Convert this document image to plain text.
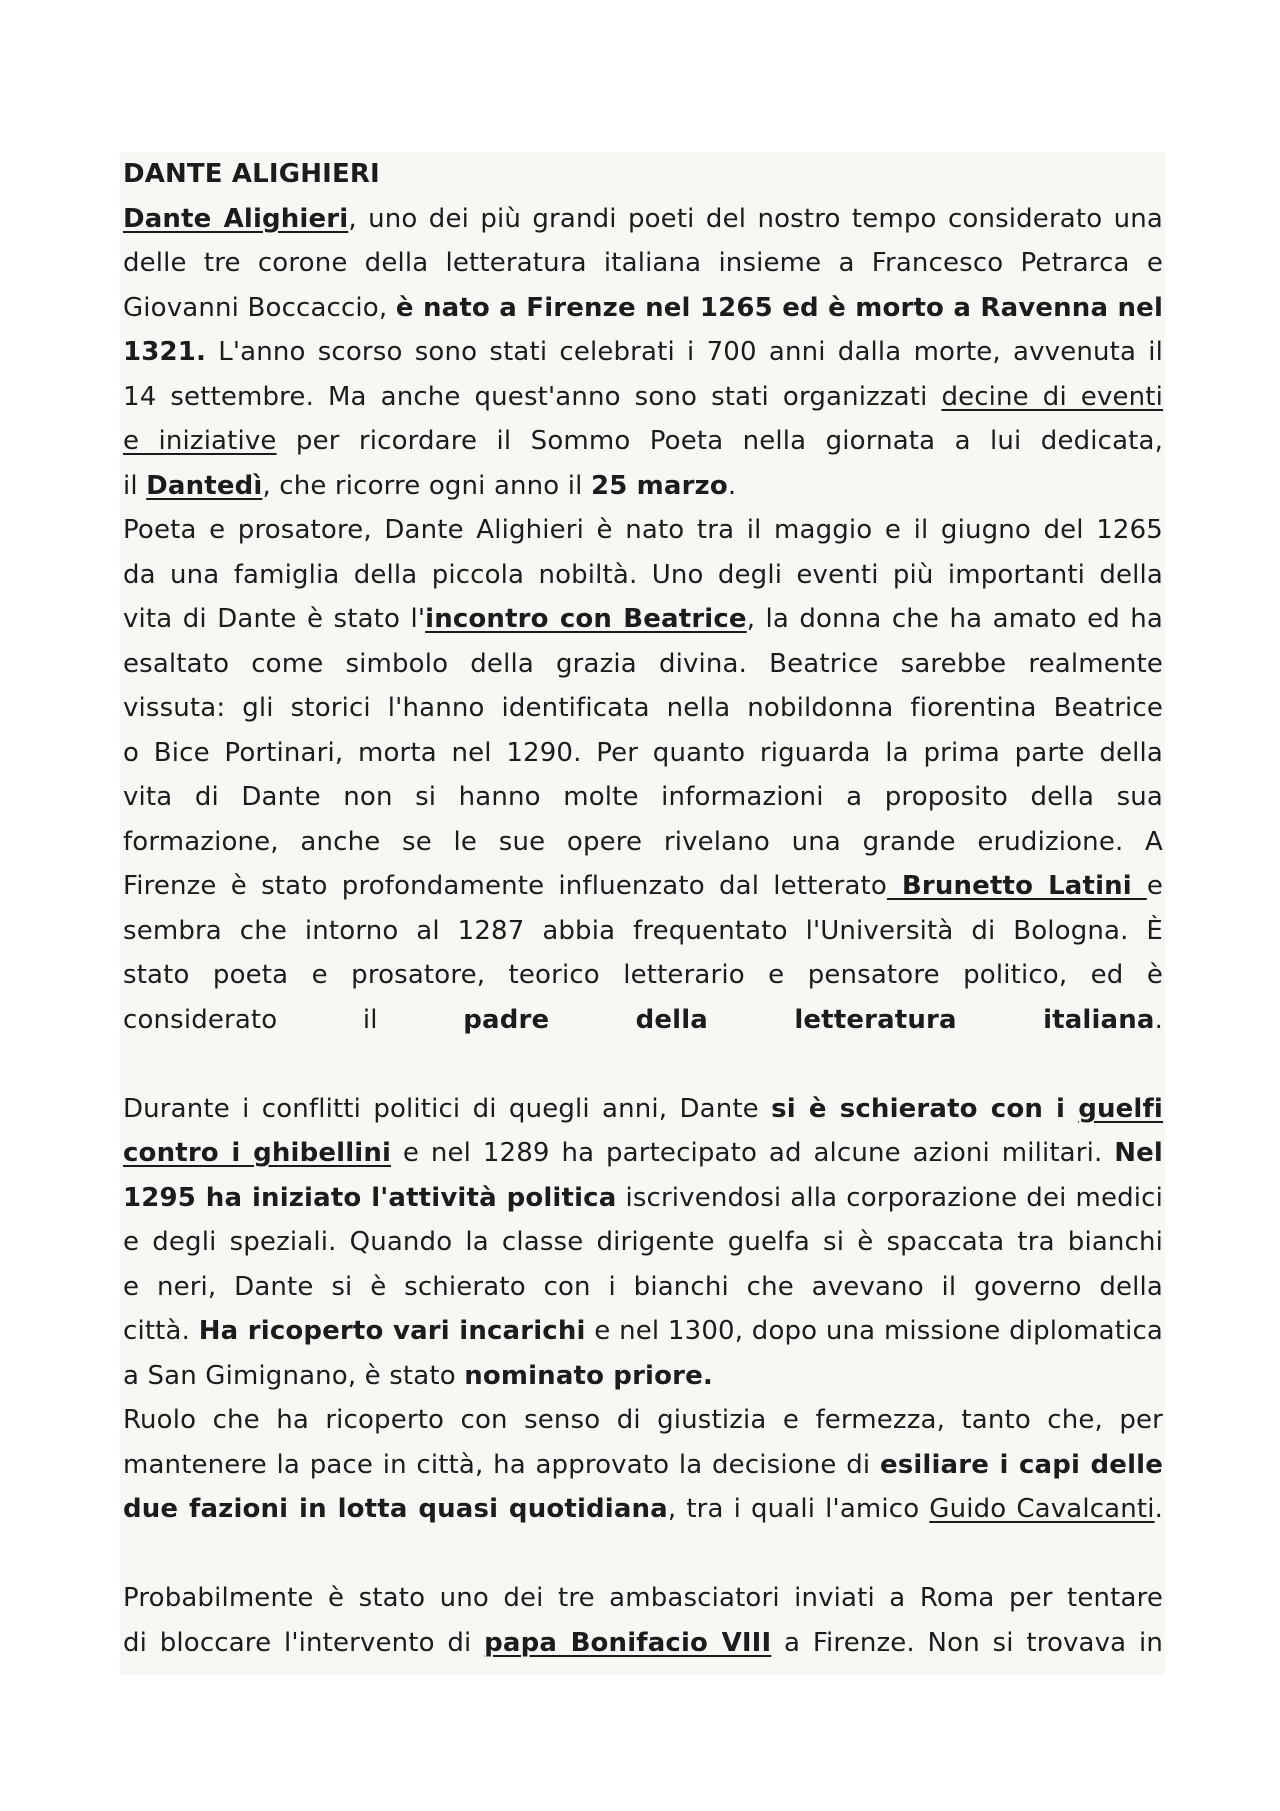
DANTE ALIGHIERI
Dante Alighieri, uno dei più grandi poeti del nostro tempo considerato una
delle tre corone della letteratura italiana insieme a Francesco Petrarca e
Giovanni Boccaccio, è nato a Firenze nel 1265 ed è morto a Ravenna nel
1321. L'anno scorso sono stati celebrati i 700 anni dalla morte, avvenuta il
14 settembre. Ma anche quest'anno sono stati organizzati decine di eventi
e iniziative per ricordare il Sommo Poeta nella giornata a lui dedicata,
il Dantedì, che ricorre ogni anno il 25 marzo.
Poeta e prosatore, Dante Alighieri è nato tra il maggio e il giugno del 1265
da una famiglia della piccola nobiltà. Uno degli eventi più importanti della
vita di Dante è stato l'incontro con Beatrice, la donna che ha amato ed ha
esaltato come simbolo della grazia divina. Beatrice sarebbe realmente
vissuta: gli storici l'hanno identificata nella nobildonna fiorentina Beatrice
o Bice Portinari, morta nel 1290. Per quanto riguarda la prima parte della
vita di Dante non si hanno molte informazioni a proposito della sua
formazione, anche se le sue opere rivelano una grande erudizione. A
Firenze è stato profondamente influenzato dal letterato Brunetto Latini e
sembra che intorno al 1287 abbia frequentato l'Università di Bologna. È
stato poeta e prosatore, teorico letterario e pensatore politico, ed è
considerato il padre della letteratura italiana.
Durante i conflitti politici di quegli anni, Dante si è schierato con i guelfi
contro i ghibellini e nel 1289 ha partecipato ad alcune azioni militari. Nel
1295 ha iniziato l'attività politica iscrivendosi alla corporazione dei medici
e degli speziali. Quando la classe dirigente guelfa si è spaccata tra bianchi
e neri, Dante si è schierato con i bianchi che avevano il governo della
città. Ha ricoperto vari incarichi e nel 1300, dopo una missione diplomatica
a San Gimignano, è stato nominato priore.
Ruolo che ha ricoperto con senso di giustizia e fermezza, tanto che, per
mantenere la pace in città, ha approvato la decisione di esiliare i capi delle
due fazioni in lotta quasi quotidiana, tra i quali l'amico Guido Cavalcanti.
Probabilmente è stato uno dei tre ambasciatori inviati a Roma per tentare
di bloccare l'intervento di papa Bonifacio VIII a Firenze. Non si trovava in
